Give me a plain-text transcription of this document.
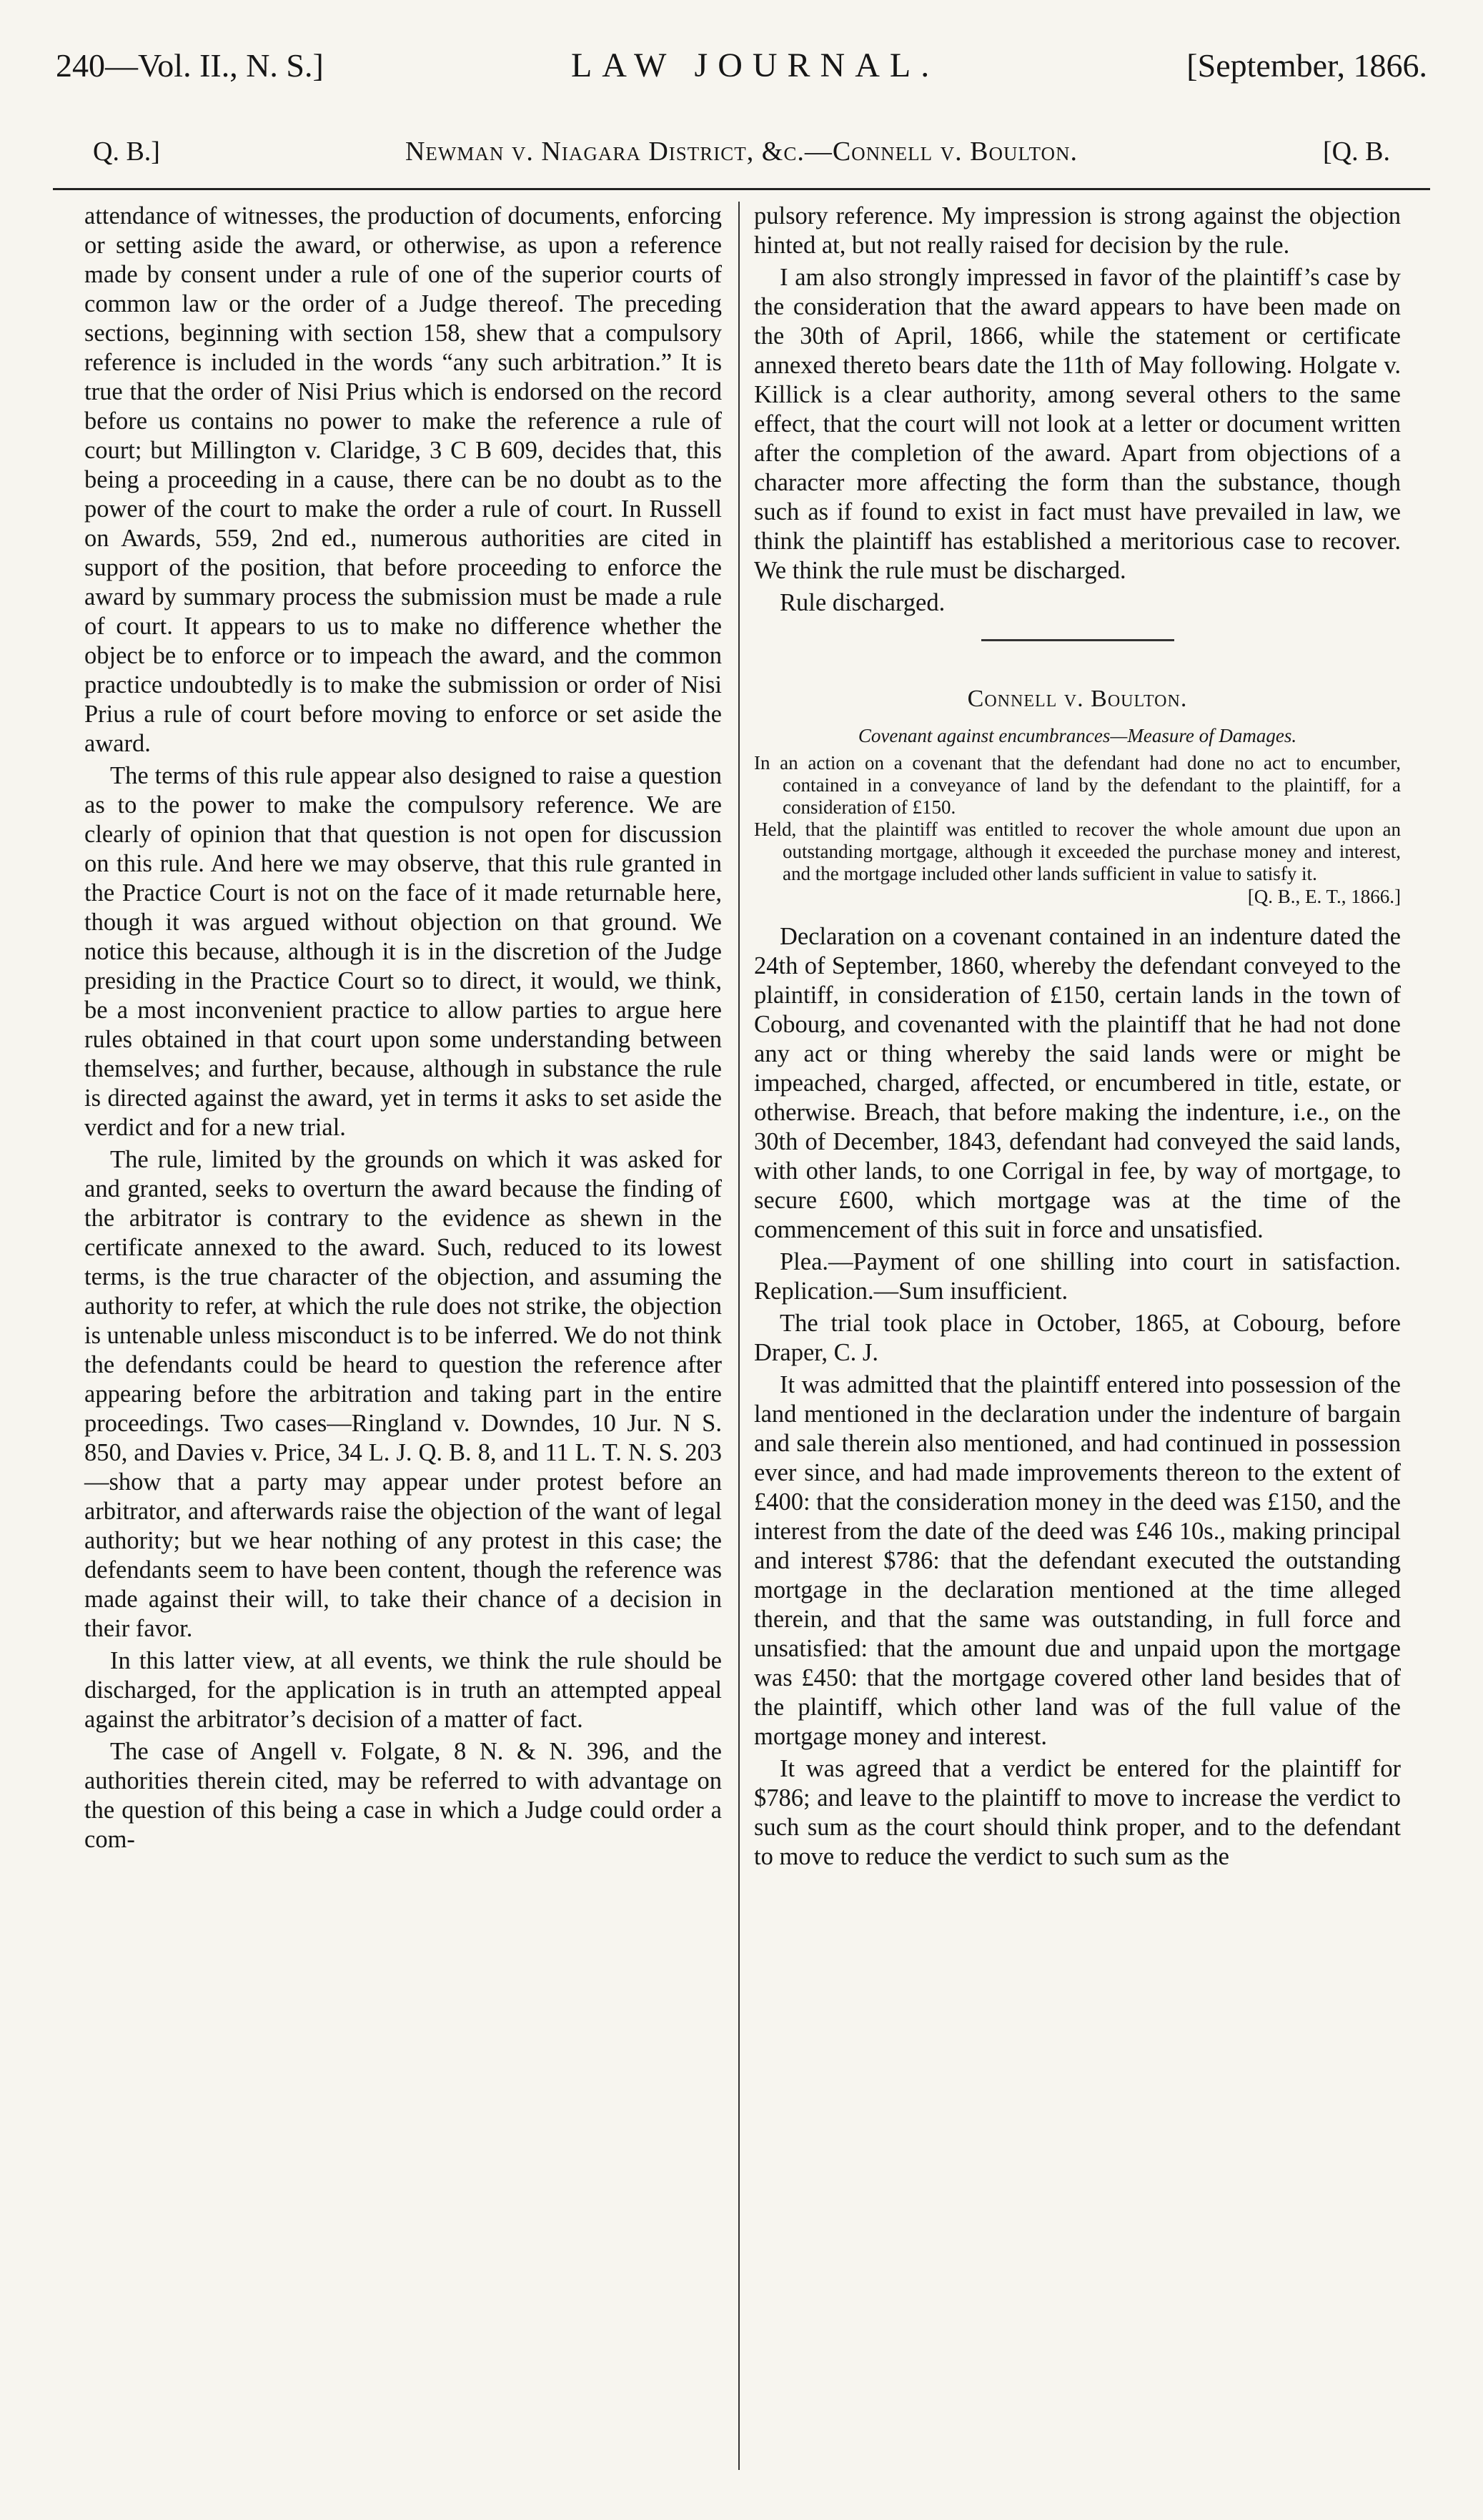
240—Vol. II., N. S.]	LAW JOURNAL.	[September, 1866.
Q. B.]	Newman v. Niagara District, &c.—Connell v. Boulton.	[Q. B.

attendance of witnesses, the production of documents, enforcing or setting aside the award, or otherwise, as upon a reference made by consent under a rule of one of the superior courts of common law or the order of a Judge thereof. The preceding sections, beginning with section 158, shew that a compulsory reference is included in the words “any such arbitration.” It is true that the order of Nisi Prius which is endorsed on the record before us contains no power to make the reference a rule of court; but Millington v. Claridge, 3 C B 609, decides that, this being a proceeding in a cause, there can be no doubt as to the power of the court to make the order a rule of court. In Russell on Awards, 559, 2nd ed., numerous authorities are cited in support of the position, that before proceeding to enforce the award by summary process the submission must be made a rule of court. It appears to us to make no difference whether the object be to enforce or to impeach the award, and the common practice undoubtedly is to make the submission or order of Nisi Prius a rule of court before moving to enforce or set aside the award.

The terms of this rule appear also designed to raise a question as to the power to make the compulsory reference. We are clearly of opinion that that question is not open for discussion on this rule. And here we may observe, that this rule granted in the Practice Court is not on the face of it made returnable here, though it was argued without objection on that ground. We notice this because, although it is in the discretion of the Judge presiding in the Practice Court so to direct, it would, we think, be a most inconvenient practice to allow parties to argue here rules obtained in that court upon some understanding between themselves; and further, because, although in substance the rule is directed against the award, yet in terms it asks to set aside the verdict and for a new trial.

The rule, limited by the grounds on which it was asked for and granted, seeks to overturn the award because the finding of the arbitrator is contrary to the evidence as shewn in the certificate annexed to the award. Such, reduced to its lowest terms, is the true character of the objection, and assuming the authority to refer, at which the rule does not strike, the objection is untenable unless misconduct is to be inferred. We do not think the defendants could be heard to question the reference after appearing before the arbitration and taking part in the entire proceedings. Two cases—Ringland v. Downdes, 10 Jur. N S. 850, and Davies v. Price, 34 L. J. Q. B. 8, and 11 L. T. N. S. 203—show that a party may appear under protest before an arbitrator, and afterwards raise the objection of the want of legal authority; but we hear nothing of any protest in this case; the defendants seem to have been content, though the reference was made against their will, to take their chance of a decision in their favor.

In this latter view, at all events, we think the rule should be discharged, for the application is in truth an attempted appeal against the arbitrator’s decision of a matter of fact.

The case of Angell v. Folgate, 8 N. & N. 396, and the authorities therein cited, may be referred to with advantage on the question of this being a case in which a Judge could order a com-

pulsory reference. My impression is strong against the objection hinted at, but not really raised for decision by the rule.

I am also strongly impressed in favor of the plaintiff’s case by the consideration that the award appears to have been made on the 30th of April, 1866, while the statement or certificate annexed thereto bears date the 11th of May following. Holgate v. Killick is a clear authority, among several others to the same effect, that the court will not look at a letter or document written after the completion of the award. Apart from objections of a character more affecting the form than the substance, though such as if found to exist in fact must have prevailed in law, we think the plaintiff has established a meritorious case to recover. We think the rule must be discharged.

Rule discharged.

Connell v. Boulton.

Covenant against encumbrances—Measure of Damages.

In an action on a covenant that the defendant had done no act to encumber, contained in a conveyance of land by the defendant to the plaintiff, for a consideration of £150.

Held, that the plaintiff was entitled to recover the whole amount due upon an outstanding mortgage, although it exceeded the purchase money and interest, and the mortgage included other lands sufficient in value to satisfy it.

[Q. B., E. T., 1866.]

Declaration on a covenant contained in an indenture dated the 24th of September, 1860, whereby the defendant conveyed to the plaintiff, in consideration of £150, certain lands in the town of Cobourg, and covenanted with the plaintiff that he had not done any act or thing whereby the said lands were or might be impeached, charged, affected, or encumbered in title, estate, or otherwise. Breach, that before making the indenture, i.e., on the 30th of December, 1843, defendant had conveyed the said lands, with other lands, to one Corrigal in fee, by way of mortgage, to secure £600, which mortgage was at the time of the commencement of this suit in force and unsatisfied.

Plea.—Payment of one shilling into court in satisfaction. Replication.—Sum insufficient.

The trial took place in October, 1865, at Cobourg, before Draper, C. J.

It was admitted that the plaintiff entered into possession of the land mentioned in the declaration under the indenture of bargain and sale therein also mentioned, and had continued in possession ever since, and had made improvements thereon to the extent of £400: that the consideration money in the deed was £150, and the interest from the date of the deed was £46 10s., making principal and interest $786: that the defendant executed the outstanding mortgage in the declaration mentioned at the time alleged therein, and that the same was outstanding, in full force and unsatisfied: that the amount due and unpaid upon the mortgage was £450: that the mortgage covered other land besides that of the plaintiff, which other land was of the full value of the mortgage money and interest.

It was agreed that a verdict be entered for the plaintiff for $786; and leave to the plaintiff to move to increase the verdict to such sum as the court should think proper, and to the defendant to move to reduce the verdict to such sum as the
